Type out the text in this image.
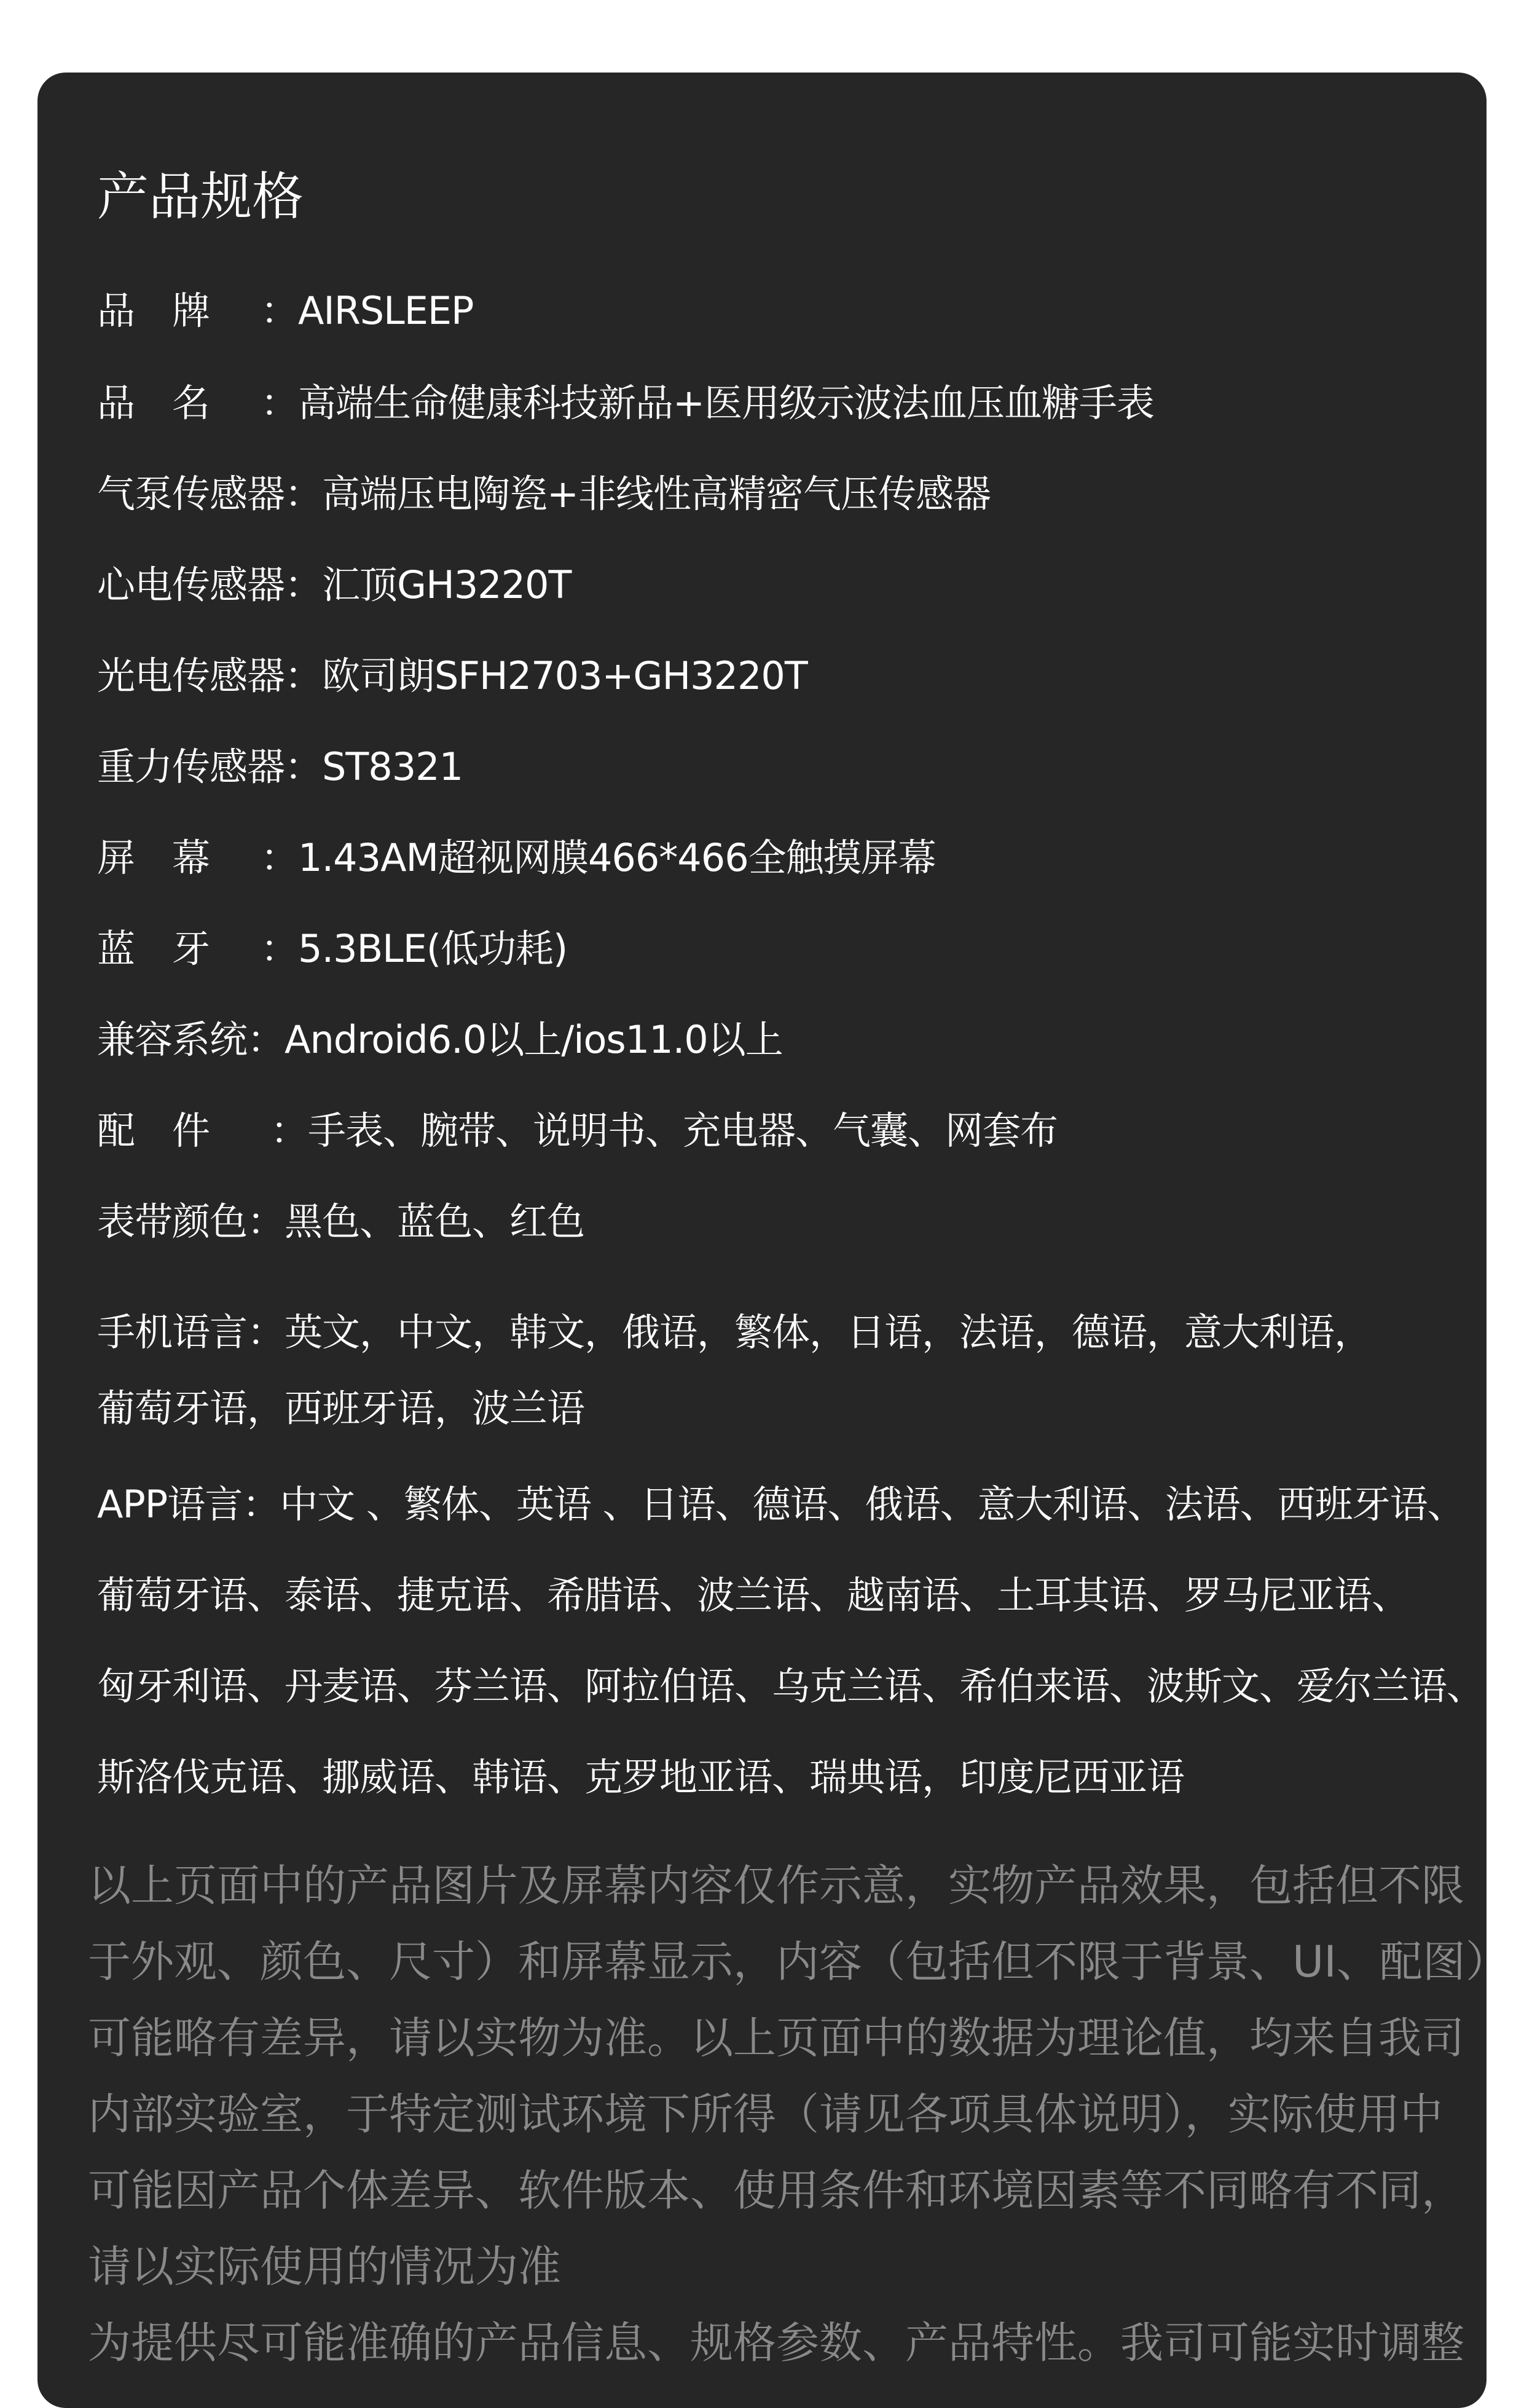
产品规格

品　牌 ：AIRSLEEP

品　名 ：高端生命健康科技新品+医用级示波法血压血糖手表

气泵传感器：高端压电陶瓷+非线性高精密气压传感器

心电传感器：汇顶GH3220T

光电传感器：欧司朗SFH2703+GH3220T

重力传感器：ST8321

屏　幕 ：1.43AM超视网膜466*466全触摸屏幕

蓝　牙 ：5.3BLE(低功耗)

兼容系统：Android6.0以上/ios11.0以上

配　件 ：手表、腕带、说明书、充电器、气囊、网套布

表带颜色：黑色、蓝色、红色

手机语言：英文，中文，韩文，俄语，繁体，日语，法语，德语，意大利语，

葡萄牙语，西班牙语，波兰语

APP语言：中文 、繁体、英语 、日语、德语、俄语、意大利语、法语、西班牙语、

葡萄牙语、泰语、捷克语、希腊语、波兰语、越南语、土耳其语、罗马尼亚语、

匈牙利语、丹麦语、芬兰语、阿拉伯语、乌克兰语、希伯来语、波斯文、爱尔兰语、

斯洛伐克语、挪威语、韩语、克罗地亚语、瑞典语，印度尼西亚语

以上页面中的产品图片及屏幕内容仅作示意，实物产品效果，包括但不限

于外观、颜色、尺寸）和屏幕显示，内容（包括但不限于背景、UI、配图）

可能略有差异，请以实物为准。以上页面中的数据为理论值，均来自我司

内部实验室，于特定测试环境下所得（请见各项具体说明），实际使用中

可能因产品个体差异、软件版本、使用条件和环境因素等不同略有不同，

请以实际使用的情况为准

为提供尽可能准确的产品信息、规格参数、产品特性。我司可能实时调整
